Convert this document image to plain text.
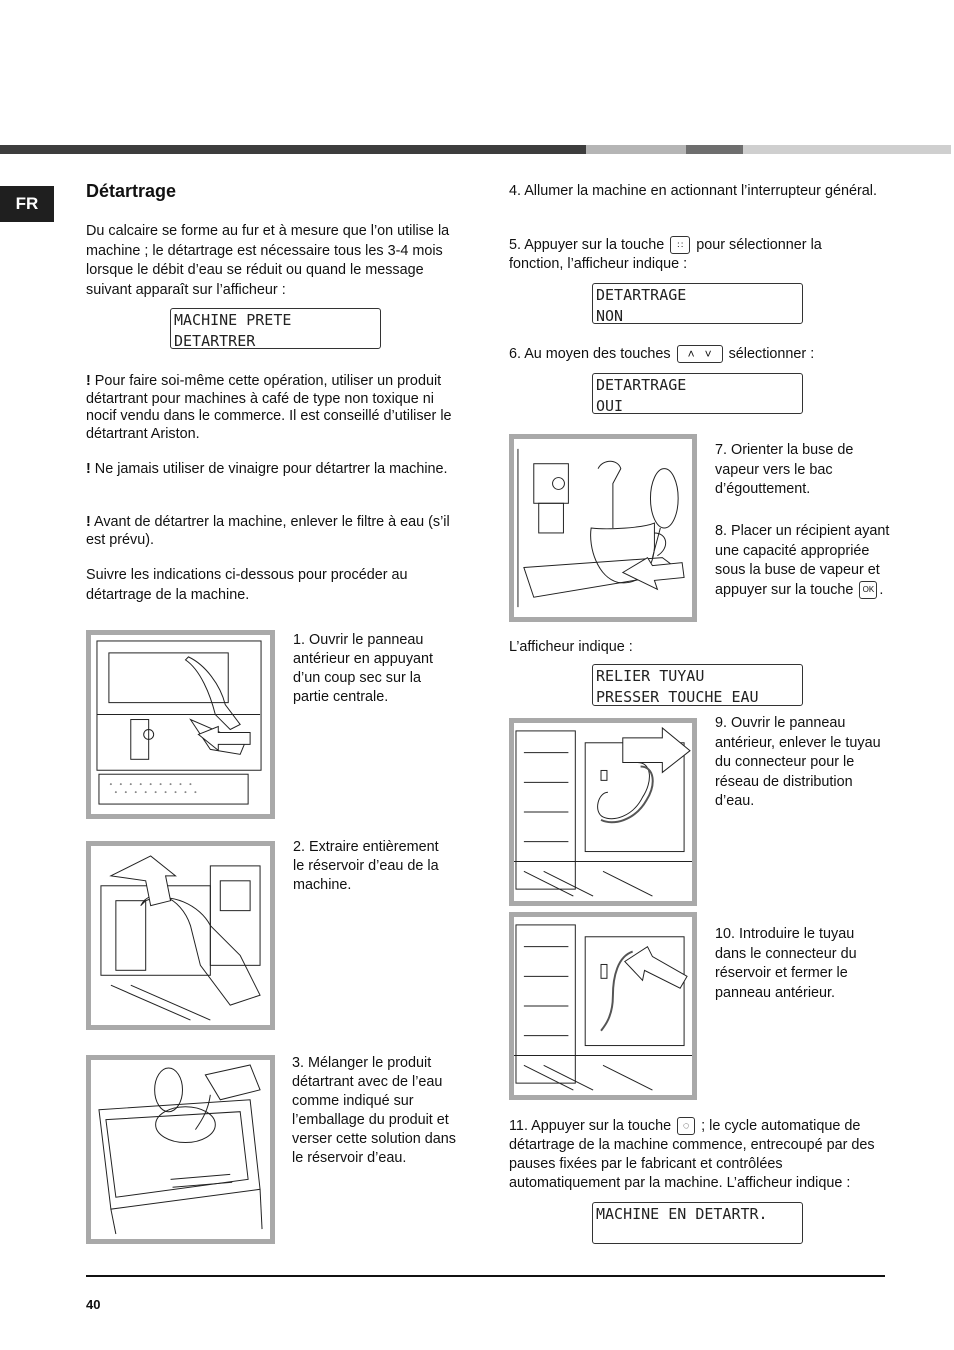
FR
Détartrage
Du calcaire se forme au fur et à mesure que l’on utilise la machine ; le détartrage est nécessaire tous les 3-4 mois lorsque le débit d’eau se réduit ou quand le message suivant apparaît sur l’afficheur :
MACHINE PRETE
DETARTRER
! Pour faire soi-même cette opération, utiliser un produit détartrant pour machines à café de type non toxique ni nocif vendu dans le commerce. Il est conseillé d’utiliser le détartrant Ariston.
! Ne jamais utiliser de vinaigre pour détartrer la machine.
! Avant de détartrer la machine, enlever le filtre à eau (s’il est prévu).
Suivre les indications ci-dessous pour procéder au détartrage de la machine.
1. Ouvrir le panneau antérieur en appuyant d’un coup sec sur la partie centrale.
2. Extraire entièrement le réservoir d’eau de la machine.
3. Mélanger le produit détartrant avec de l’eau comme indiqué sur l’emballage du produit et verser cette solution dans le réservoir d’eau.
4. Allumer la machine en actionnant l’interrupteur général.
5. Appuyer sur la touche ∷ pour sélectionner la fonction, l’afficheur indique :
DETARTRAGE
NON
6. Au moyen des touches ˄   ˅ sélectionner :
DETARTRAGE
OUI
7. Orienter la buse de vapeur vers le bac d’égouttement.
8. Placer un récipient ayant une capacité appropriée sous la buse de vapeur et appuyer sur la touche OK .
L’afficheur indique :
RELIER TUYAU
PRESSER TOUCHE EAU
9. Ouvrir le panneau antérieur, enlever le tuyau du connecteur pour le réseau de distribution d’eau.
10. Introduire le tuyau dans le connecteur du réservoir et fermer le panneau antérieur.
11. Appuyer sur la touche ◌ ; le cycle automatique de détartrage de la machine commence, entrecoupé par des pauses fixées par le fabricant et contrôlées automatiquement par la machine. L’afficheur indique :
MACHINE EN DETARTR.
40
